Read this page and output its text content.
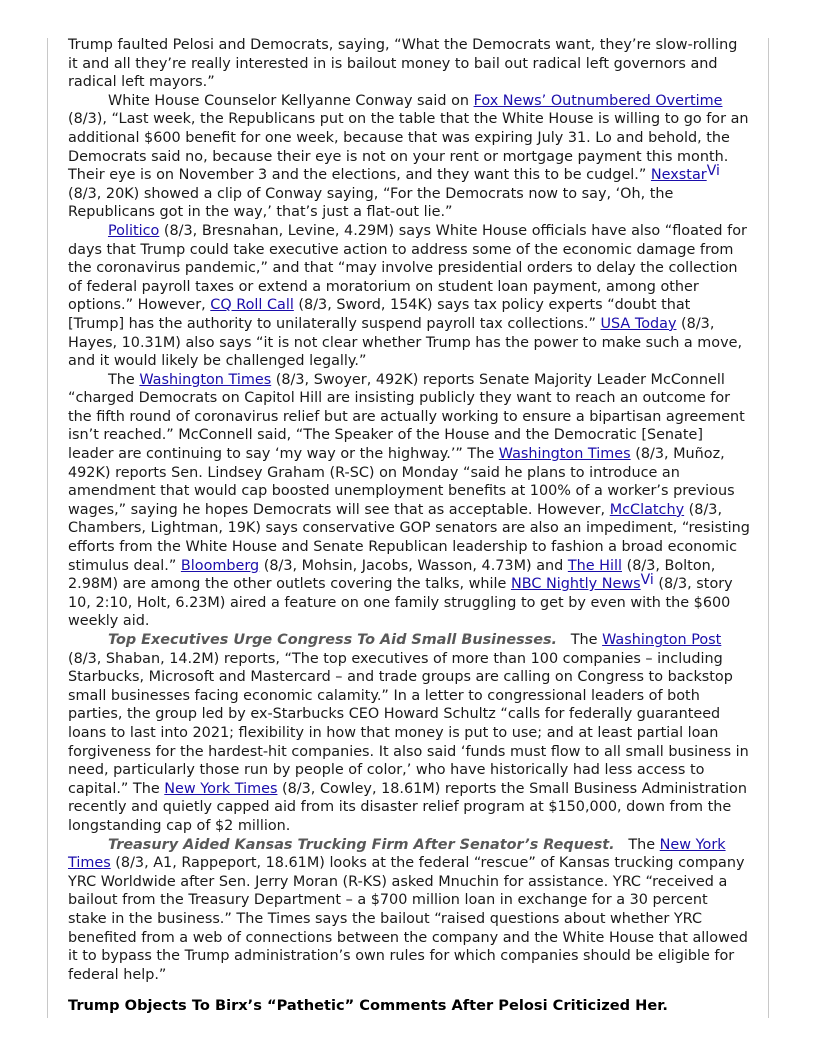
Trump faulted Pelosi and Democrats, saying, “What the Democrats want, they’re slow-rolling it and all they’re really interested in is bailout money to bail out radical left governors and radical left mayors.”

White House Counselor Kellyanne Conway said on Fox News’ Outnumbered Overtime (8/3), “Last week, the Republicans put on the table that the White House is willing to go for an additional $600 benefit for one week, because that was expiring July 31. Lo and behold, the Democrats said no, because their eye is not on your rent or mortgage payment this month. Their eye is on November 3 and the elections, and they want this to be cudgel.” NexstarVi (8/3, 20K) showed a clip of Conway saying, “For the Democrats now to say, ‘Oh, the Republicans got in the way,’ that’s just a flat-out lie.”

Politico (8/3, Bresnahan, Levine, 4.29M) says White House officials have also “floated for days that Trump could take executive action to address some of the economic damage from the coronavirus pandemic,” and that “may involve presidential orders to delay the collection of federal payroll taxes or extend a moratorium on student loan payment, among other options.” However, CQ Roll Call (8/3, Sword, 154K) says tax policy experts “doubt that [Trump] has the authority to unilaterally suspend payroll tax collections.” USA Today (8/3, Hayes, 10.31M) also says “it is not clear whether Trump has the power to make such a move, and it would likely be challenged legally.”

The Washington Times (8/3, Swoyer, 492K) reports Senate Majority Leader McConnell “charged Democrats on Capitol Hill are insisting publicly they want to reach an outcome for the fifth round of coronavirus relief but are actually working to ensure a bipartisan agreement isn’t reached.” McConnell said, “The Speaker of the House and the Democratic [Senate] leader are continuing to say ‘my way or the highway.’” The Washington Times (8/3, Muñoz, 492K) reports Sen. Lindsey Graham (R-SC) on Monday “said he plans to introduce an amendment that would cap boosted unemployment benefits at 100% of a worker’s previous wages,” saying he hopes Democrats will see that as acceptable. However, McClatchy (8/3, Chambers, Lightman, 19K) says conservative GOP senators are also an impediment, “resisting efforts from the White House and Senate Republican leadership to fashion a broad economic stimulus deal.” Bloomberg (8/3, Mohsin, Jacobs, Wasson, 4.73M) and The Hill (8/3, Bolton, 2.98M) are among the other outlets covering the talks, while NBC Nightly NewsVi (8/3, story 10, 2:10, Holt, 6.23M) aired a feature on one family struggling to get by even with the $600 weekly aid.

Top Executives Urge Congress To Aid Small Businesses.   The Washington Post (8/3, Shaban, 14.2M) reports, “The top executives of more than 100 companies – including Starbucks, Microsoft and Mastercard – and trade groups are calling on Congress to backstop small businesses facing economic calamity.” In a letter to congressional leaders of both parties, the group led by ex-Starbucks CEO Howard Schultz “calls for federally guaranteed loans to last into 2021; flexibility in how that money is put to use; and at least partial loan forgiveness for the hardest-hit companies. It also said ‘funds must flow to all small business in need, particularly those run by people of color,’ who have historically had less access to capital.” The New York Times (8/3, Cowley, 18.61M) reports the Small Business Administration recently and quietly capped aid from its disaster relief program at $150,000, down from the longstanding cap of $2 million.

Treasury Aided Kansas Trucking Firm After Senator’s Request.   The New York Times (8/3, A1, Rappeport, 18.61M) looks at the federal “rescue” of Kansas trucking company YRC Worldwide after Sen. Jerry Moran (R-KS) asked Mnuchin for assistance. YRC “received a bailout from the Treasury Department – a $700 million loan in exchange for a 30 percent stake in the business.” The Times says the bailout “raised questions about whether YRC benefited from a web of connections between the company and the White House that allowed it to bypass the Trump administration’s own rules for which companies should be eligible for federal help.”

Trump Objects To Birx’s “Pathetic” Comments After Pelosi Criticized Her.
